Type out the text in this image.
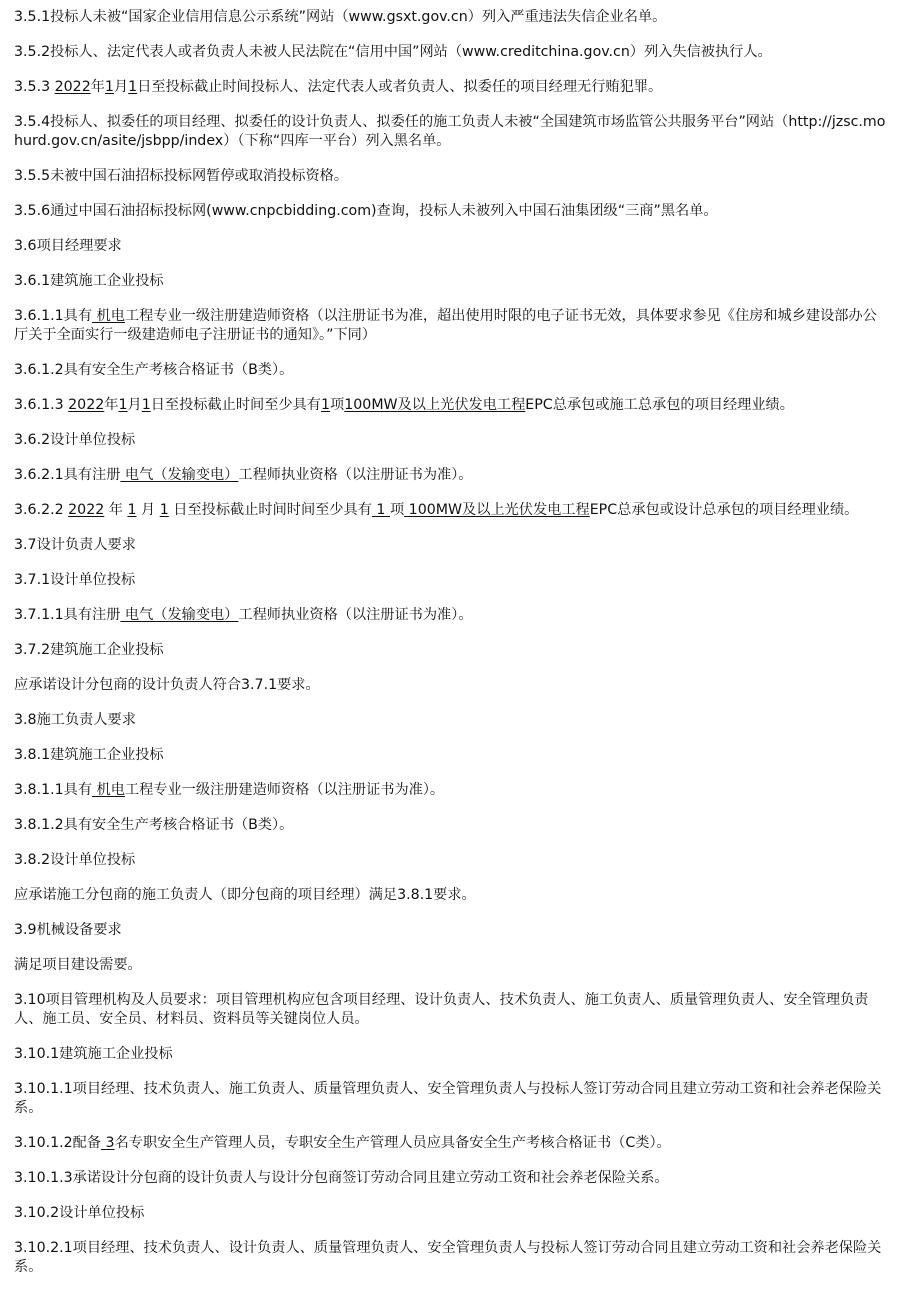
3.5.1投标人未被“国家企业信用信息公示系统”网站（www.gsxt.gov.cn）列入严重违法失信企业名单。

3.5.2投标人、法定代表人或者负责人未被人民法院在“信用中国”网站（www.creditchina.gov.cn）列入失信被执行人。

3.5.3 2022年1月1日至投标截止时间投标人、法定代表人或者负责人、拟委任的项目经理无行贿犯罪。

3.5.4投标人、拟委任的项目经理、拟委任的设计负责人、拟委任的施工负责人未被“全国建筑市场监管公共服务平台”网站（http://jzsc.mohurd.gov.cn/asite/jsbpp/index）（下称“四库一平台）列入黑名单。

3.5.5未被中国石油招标投标网暂停或取消投标资格。

3.5.6通过中国石油招标投标网(www.cnpcbidding.com)查询，投标人未被列入中国石油集团级“三商”黑名单。

3.6项目经理要求

3.6.1建筑施工企业投标

3.6.1.1具有 机电工程专业一级注册建造师资格（以注册证书为准，超出使用时限的电子证书无效，具体要求参见《住房和城乡建设部办公厅关于全面实行一级建造师电子注册证书的通知》。”下同）

3.6.1.2具有安全生产考核合格证书（B类）。

3.6.1.3 2022年1月1日至投标截止时间至少具有1项100MW及以上光伏发电工程EPC总承包或施工总承包的项目经理业绩。

3.6.2设计单位投标

3.6.2.1具有注册 电气（发输变电）工程师执业资格（以注册证书为准）。

3.6.2.2 2022 年 1 月 1 日至投标截止时间时间至少具有 1 项 100MW及以上光伏发电工程EPC总承包或设计总承包的项目经理业绩。

3.7设计负责人要求

3.7.1设计单位投标

3.7.1.1具有注册 电气（发输变电）工程师执业资格（以注册证书为准）。

3.7.2建筑施工企业投标

应承诺设计分包商的设计负责人符合3.7.1要求。

3.8施工负责人要求

3.8.1建筑施工企业投标

3.8.1.1具有 机电工程专业一级注册建造师资格（以注册证书为准）。

3.8.1.2具有安全生产考核合格证书（B类）。

3.8.2设计单位投标

应承诺施工分包商的施工负责人（即分包商的项目经理）满足3.8.1要求。

3.9机械设备要求

满足项目建设需要。

3.10项目管理机构及人员要求：项目管理机构应包含项目经理、设计负责人、技术负责人、施工负责人、质量管理负责人、安全管理负责人、施工员、安全员、材料员、资料员等关键岗位人员。

3.10.1建筑施工企业投标

3.10.1.1项目经理、技术负责人、施工负责人、质量管理负责人、安全管理负责人与投标人签订劳动合同且建立劳动工资和社会养老保险关系。

3.10.1.2配备 3名专职安全生产管理人员，专职安全生产管理人员应具备安全生产考核合格证书（C类）。

3.10.1.3承诺设计分包商的设计负责人与设计分包商签订劳动合同且建立劳动工资和社会养老保险关系。

3.10.2设计单位投标

3.10.2.1项目经理、技术负责人、设计负责人、质量管理负责人、安全管理负责人与投标人签订劳动合同且建立劳动工资和社会养老保险关系。
